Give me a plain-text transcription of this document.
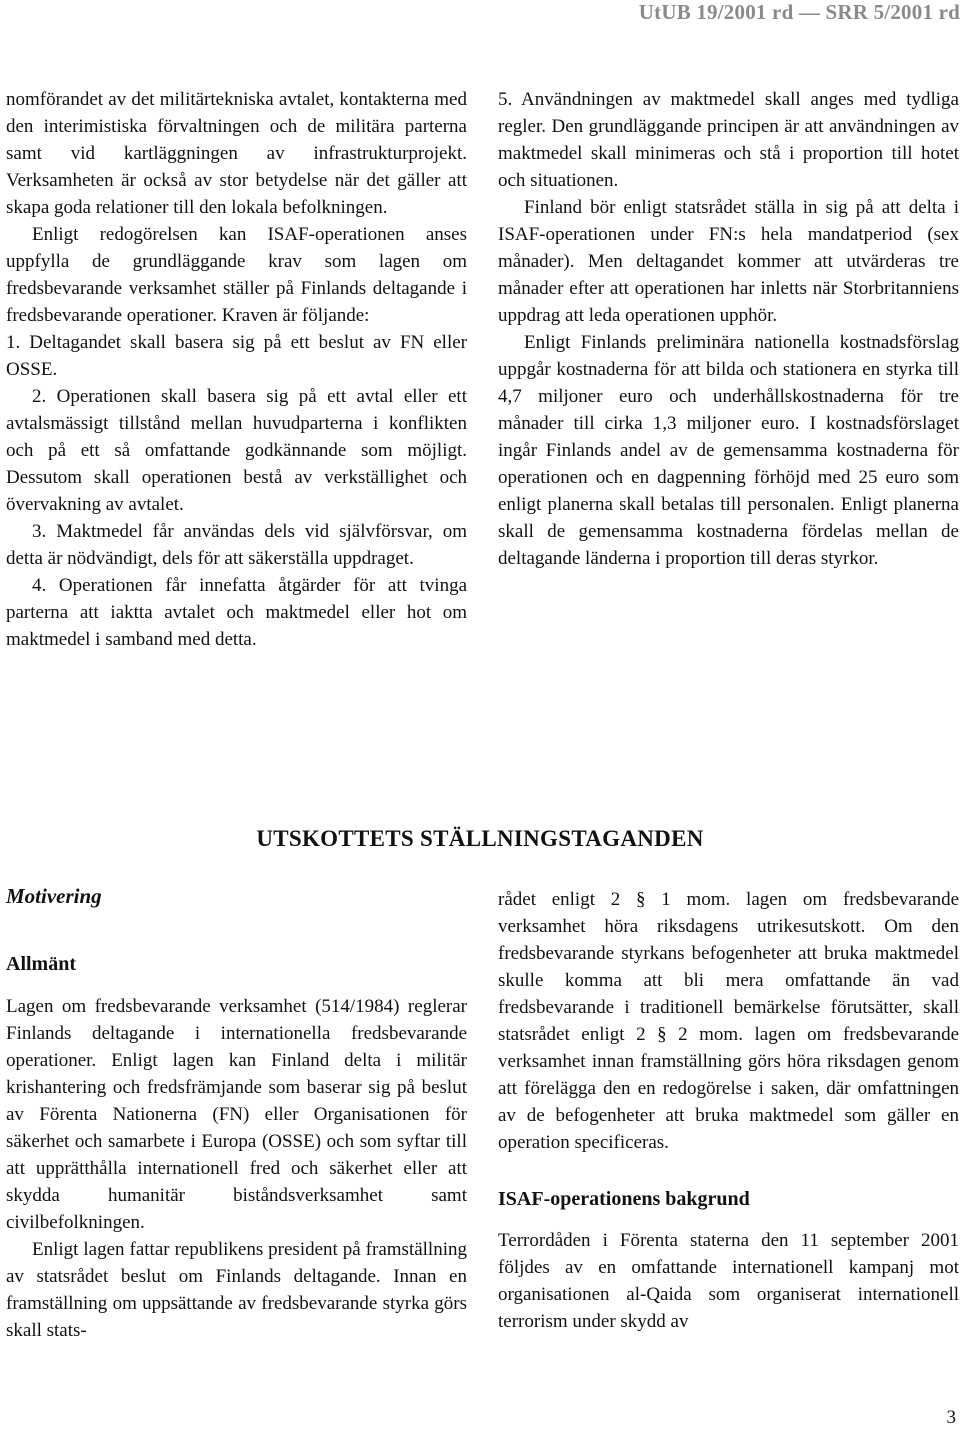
UtUB 19/2001 rd — SRR 5/2001 rd

nomförandet av det militärtekniska avtalet, kontakterna med den interimistiska förvaltningen och de militära parterna samt vid kartläggningen av infrastrukturprojekt. Verksamheten är också av stor betydelse när det gäller att skapa goda relationer till den lokala befolkningen.

Enligt redogörelsen kan ISAF-operationen anses uppfylla de grundläggande krav som lagen om fredsbevarande verksamhet ställer på Finlands deltagande i fredsbevarande operationer. Kraven är följande:

1. Deltagandet skall basera sig på ett beslut av FN eller OSSE.

2. Operationen skall basera sig på ett avtal eller ett avtalsmässigt tillstånd mellan huvudparterna i konflikten och på ett så omfattande godkännande som möjligt. Dessutom skall operationen bestå av verkställighet och övervakning av avtalet.

3. Maktmedel får användas dels vid självförsvar, om detta är nödvändigt, dels för att säkerställa uppdraget.

4. Operationen får innefatta åtgärder för att tvinga parterna att iaktta avtalet och maktmedel eller hot om maktmedel i samband med detta.

5. Användningen av maktmedel skall anges med tydliga regler. Den grundläggande principen är att användningen av maktmedel skall minimeras och stå i proportion till hotet och situationen.

Finland bör enligt statsrådet ställa in sig på att delta i ISAF-operationen under FN:s hela mandatperiod (sex månader). Men deltagandet kommer att utvärderas tre månader efter att operationen har inletts när Storbritanniens uppdrag att leda operationen upphör.

Enligt Finlands preliminära nationella kostnadsförslag uppgår kostnaderna för att bilda och stationera en styrka till 4,7 miljoner euro och underhållskostnaderna för tre månader till cirka 1,3 miljoner euro. I kostnadsförslaget ingår Finlands andel av de gemensamma kostnaderna för operationen och en dagpenning förhöjd med 25 euro som enligt planerna skall betalas till personalen. Enligt planerna skall de gemensamma kostnaderna fördelas mellan de deltagande länderna i proportion till deras styrkor.

UTSKOTTETS STÄLLNINGSTAGANDEN
Motivering
Allmänt

Lagen om fredsbevarande verksamhet (514/1984) reglerar Finlands deltagande i internationella fredsbevarande operationer. Enligt lagen kan Finland delta i militär krishantering och fredsfrämjande som baserar sig på beslut av Förenta Nationerna (FN) eller Organisationen för säkerhet och samarbete i Europa (OSSE) och som syftar till att upprätthålla internationell fred och säkerhet eller att skydda humanitär biståndsverksamhet samt civilbefolkningen.

Enligt lagen fattar republikens president på framställning av statsrådet beslut om Finlands deltagande. Innan en framställning om uppsättande av fredsbevarande styrka görs skall stats-

rådet enligt 2 § 1 mom. lagen om fredsbevarande verksamhet höra riksdagens utrikesutskott. Om den fredsbevarande styrkans befogenheter att bruka maktmedel skulle komma att bli mera omfattande än vad fredsbevarande i traditionell bemärkelse förutsätter, skall statsrådet enligt 2 § 2 mom. lagen om fredsbevarande verksamhet innan framställning görs höra riksdagen genom att förelägga den en redogörelse i saken, där omfattningen av de befogenheter att bruka maktmedel som gäller en operation specificeras.

ISAF-operationens bakgrund

Terrordåden i Förenta staterna den 11 september 2001 följdes av en omfattande internationell kampanj mot organisationen al-Qaida som organiserat internationell terrorism under skydd av

3
